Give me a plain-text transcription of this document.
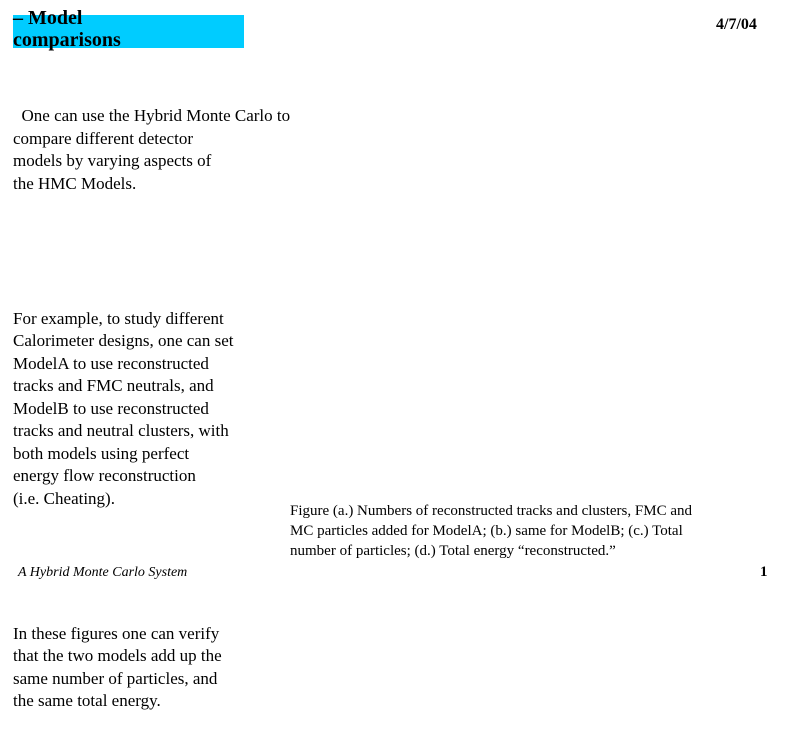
– Model
comparisons
4/7/04

One can use the Hybrid Monte Carlo to
compare different detector
models by varying aspects of
the HMC Models.

For example, to study different
Calorimeter designs, one can set
ModelA to use reconstructed
tracks and FMC neutrals, and
ModelB to use reconstructed
tracks and neutral clusters, with
both models using perfect
energy flow reconstruction
(i.e. Cheating).

In these figures one can verify
that the two models add up the
same number of particles, and
the same total energy.

Figure (a.) Numbers of reconstructed tracks and clusters, FMC and
MC particles added for ModelA; (b.) same for ModelB; (c.) Total
number of particles; (d.) Total energy “reconstructed.”
A Hybrid Monte Carlo System	1
